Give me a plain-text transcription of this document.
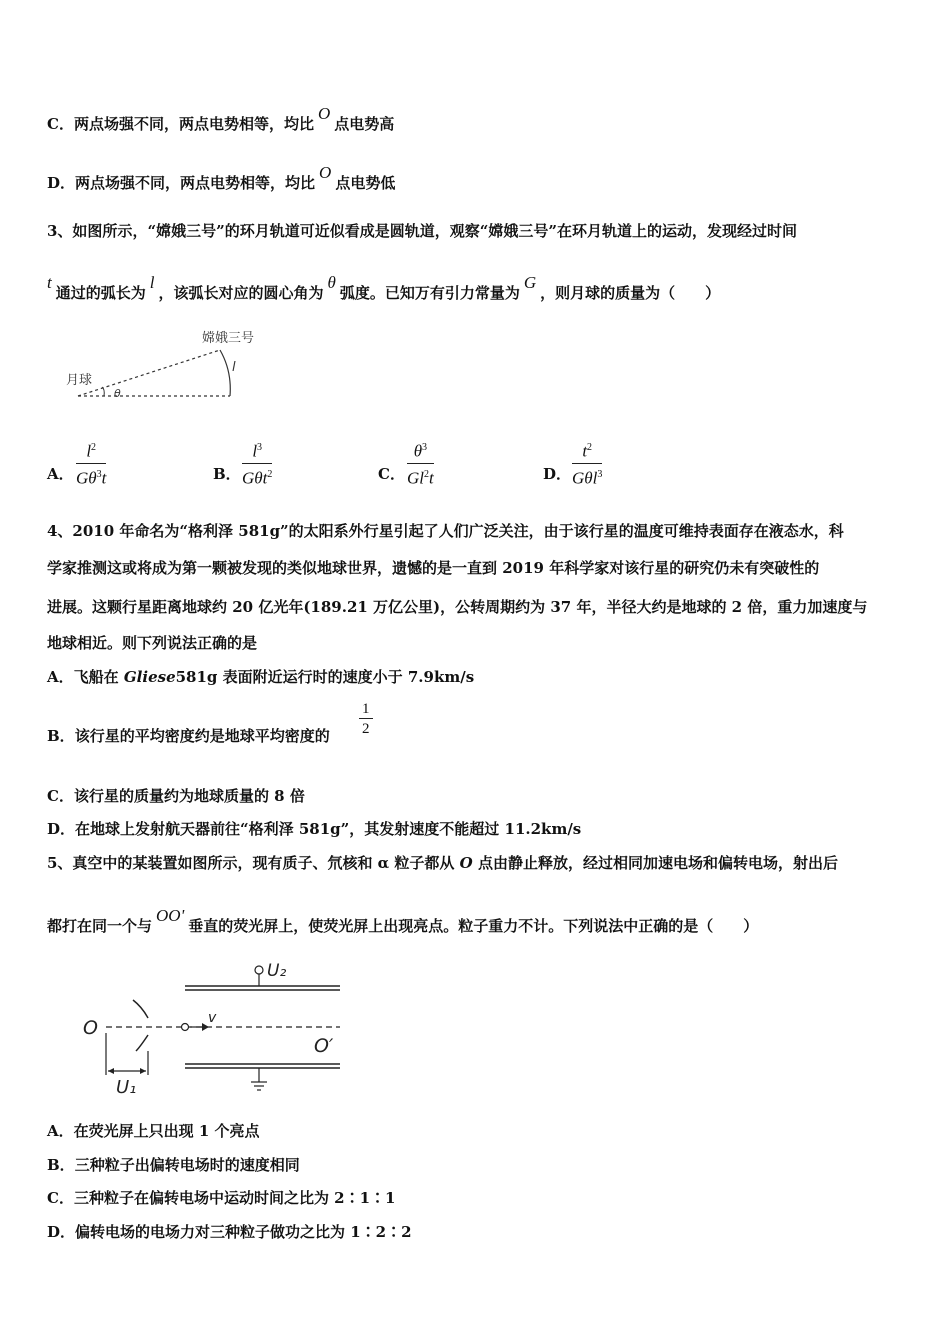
C．两点场强不同，两点电势相等，均比O点电势高
D．两点场强不同，两点电势相等，均比O点电势低
3、如图所示，“嫦娥三号”的环月轨道可近似看成是圆轨道，观察“嫦娥三号”在环月轨道上的运动，发现经过时间
t通过的弧长为l，该弧长对应的圆心角为θ弧度。已知万有引力常量为G，则月球的质量为（　　）
嫦娥三号
月球
l
θ
A． $\frac{l^2}{G\theta^3t}$	B．
$l^3$
Gθt$^2$	C． $\frac{\theta^3}{Gl^2t}$	D．
$t^2$
Gθl$^3$
4、2010 年命名为“格利泽 581g”的太阳系外行星引起了人们广泛关注，由于该行星的温度可维持表面存在液态水，科
学家推测这或将成为第一颗被发现的类似地球世界，遗憾的是一直到 2019 年科学家对该行星的研究仍未有突破性的
进展。这颗行星距离地球约 20 亿光年(189.21 万亿公里)，公转周期约为 37 年，半径大约是地球的 2 倍，重力加速度与
地球相近。则下列说法正确的是
A．飞船在 Gliese581g 表面附近运行时的速度小于 7.9km/s
B．该行星的平均密度约是地球平均密度的 $\frac{1}{2}$
C．该行星的质量约为地球质量的 8 倍
D．在地球上发射航天器前往“格利泽 581g”，其发射速度不能超过 11.2km/s
5、真空中的某装置如图所示，现有质子、氘核和 α 粒子都从 O 点由静止释放，经过相同加速电场和偏转电场，射出后
都打在同一个与OO'垂直的荧光屏上，使荧光屏上出现亮点。粒子重力不计。下列说法中正确的是（　　）
U₂
v
O
O′
U₁
A．在荧光屏上只出现 1 个亮点
B．三种粒子出偏转电场时的速度相同
C．三种粒子在偏转电场中运动时间之比为 2∶1∶1
D．偏转电场的电场力对三种粒子做功之比为 1∶2∶2
